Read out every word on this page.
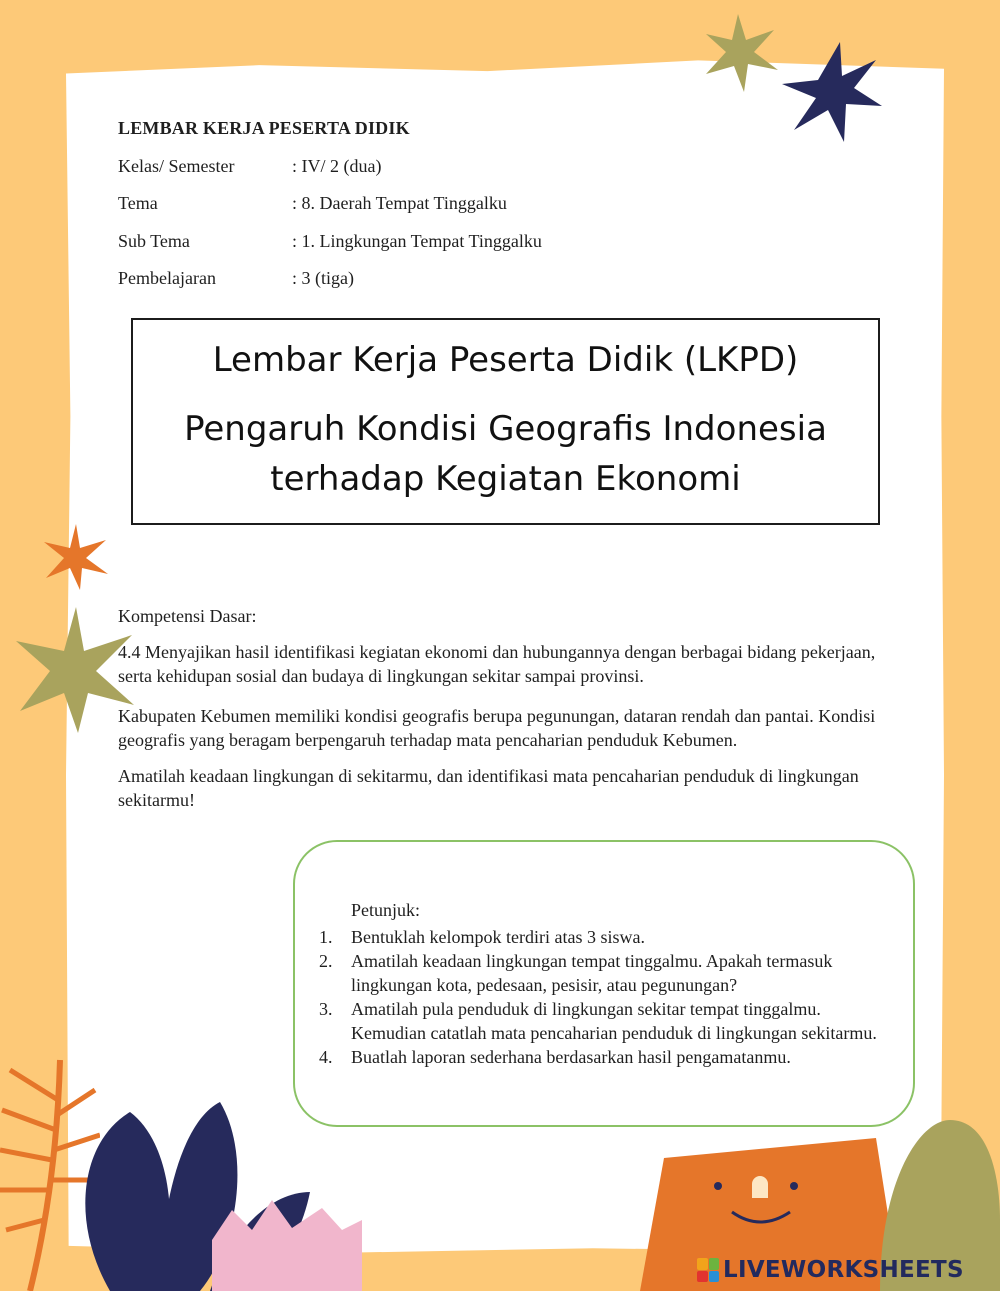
LEMBAR KERJA PESERTA DIDIK
Kelas/ Semester	: IV/ 2 (dua)
Tema	: 8. Daerah Tempat Tinggalku
Sub Tema	: 1. Lingkungan Tempat Tinggalku
Pembelajaran	: 3 (tiga)
Lembar Kerja Peserta Didik (LKPD)
Pengaruh Kondisi Geografis Indonesia
terhadap Kegiatan Ekonomi
Kompetensi Dasar:
4.4 Menyajikan hasil identifikasi kegiatan ekonomi dan hubungannya dengan berbagai bidang pekerjaan, serta kehidupan sosial dan budaya di lingkungan sekitar sampai provinsi.
Kabupaten Kebumen memiliki kondisi geografis berupa pegunungan, dataran rendah dan pantai. Kondisi geografis yang beragam berpengaruh terhadap mata pencaharian penduduk Kebumen.
Amatilah keadaan lingkungan di sekitarmu, dan identifikasi mata pencaharian penduduk di lingkungan sekitarmu!
Petunjuk:
1. Bentuklah kelompok terdiri atas 3 siswa.
2. Amatilah keadaan lingkungan tempat tinggalmu. Apakah termasuk lingkungan kota, pedesaan, pesisir, atau pegunungan?
3. Amatilah pula penduduk di lingkungan sekitar tempat tinggalmu. Kemudian catatlah mata pencaharian penduduk di lingkungan sekitarmu.
4. Buatlah laporan sederhana berdasarkan hasil pengamatanmu.
LIVEWORKSHEETS
